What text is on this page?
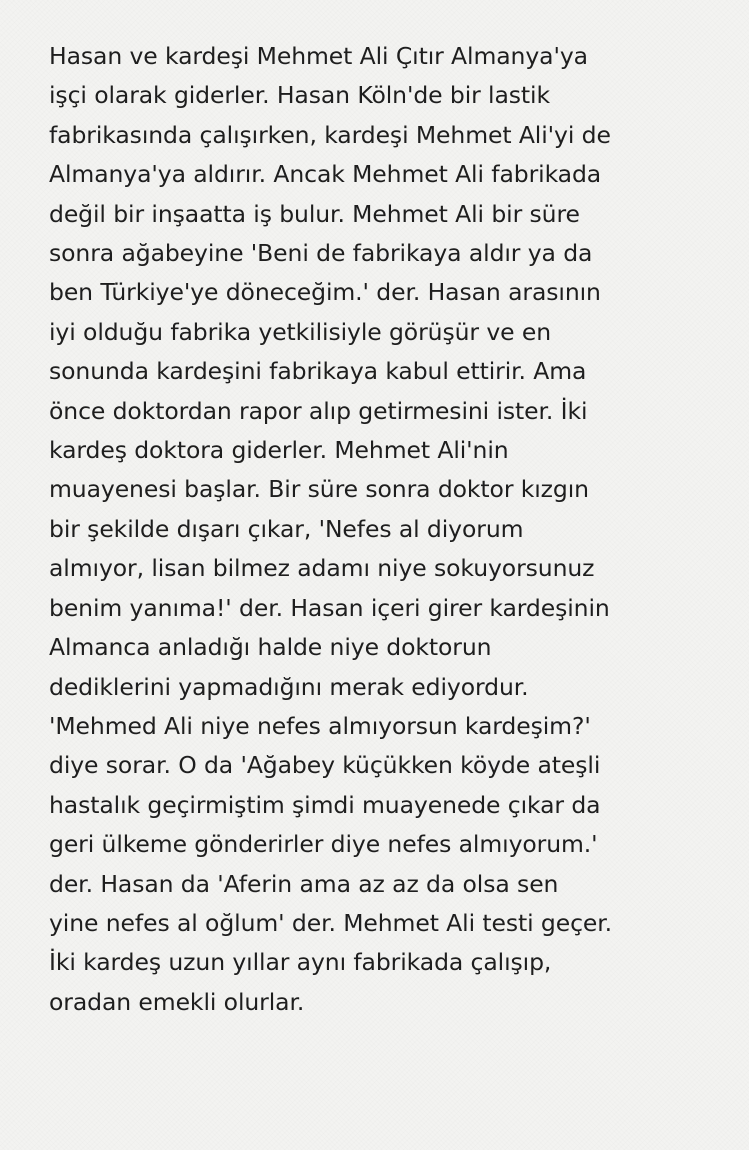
Hasan ve kardeşi Mehmet Ali Çıtır Almanya'ya
işçi olarak giderler. Hasan Köln'de bir lastik
fabrikasında çalışırken, kardeşi Mehmet Ali'yi de
Almanya'ya aldırır. Ancak Mehmet Ali fabrikada
değil bir inşaatta iş bulur. Mehmet Ali bir süre
sonra ağabeyine 'Beni de fabrikaya aldır ya da
ben Türkiye'ye döneceğim.' der. Hasan arasının
iyi olduğu fabrika yetkilisiyle görüşür ve en
sonunda kardeşini fabrikaya kabul ettirir. Ama
önce doktordan rapor alıp getirmesini ister. İki
kardeş doktora giderler. Mehmet Ali'nin
muayenesi başlar. Bir süre sonra doktor kızgın
bir şekilde dışarı çıkar, 'Nefes al diyorum
almıyor, lisan bilmez adamı niye sokuyorsunuz
benim yanıma!' der. Hasan içeri girer kardeşinin
Almanca anladığı halde niye doktorun
dediklerini yapmadığını merak ediyordur.
'Mehmed Ali niye nefes almıyorsun kardeşim?'
diye sorar. O da 'Ağabey küçükken köyde ateşli
hastalık geçirmiştim şimdi muayenede çıkar da
geri ülkeme gönderirler diye nefes almıyorum.'
der. Hasan da 'Aferin ama az az da olsa sen
yine nefes al oğlum' der. Mehmet Ali testi geçer.
İki kardeş uzun yıllar aynı fabrikada çalışıp,
oradan emekli olurlar.
